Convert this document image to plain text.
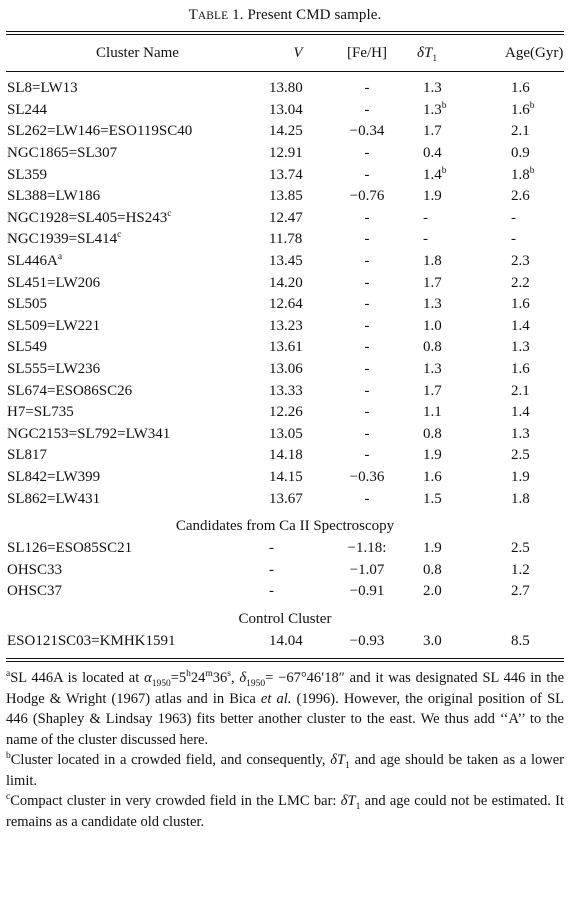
TABLE 1. Present CMD sample.
Cluster Name	V	[Fe/H]	$\delta T_1$	Age(Gyr)

SL8=LW13	13.80	-	1.3	1.6
SL244	13.04	-	1.3$^b$	1.6$^b$
SL262=LW146=ESO119SC40	14.25	−0.34	1.7	2.1
NGC1865=SL307	12.91	-	0.4	0.9
SL359	13.74	-	1.4$^b$	1.8$^b$
SL388=LW186	13.85	−0.76	1.9	2.6
$NGC1928=SL405=HS243^c$	12.47	-	-	-
$NGC1939=SL414^c$	11.78	-	-	-
$SL446A^a$	13.45	-	1.8	2.3
SL451=LW206	14.20	-	1.7	2.2
SL505	12.64	-	1.3	1.6
SL509=LW221	13.23	-	1.0	1.4
SL549	13.61	-	0.8	1.3
SL555=LW236	13.06	-	1.3	1.6
SL674=ESO86SC26	13.33	-	1.7	2.1
H7=SL735	12.26	-	1.1	1.4
NGC2153=SL792=LW341	13.05	-	0.8	1.3
SL817	14.18	-	1.9	2.5
SL842=LW399	14.15	−0.36	1.6	1.9
SL862=LW431	13.67	-	1.5	1.8
Candidates from Ca II Spectroscopy				
SL126=ESO85SC21	-	−1.18:	1.9	2.5
OHSC33	-	−1.07	0.8	1.2
OHSC37	-	−0.91	2.0	2.7
Control Cluster				
ESO121SC03=KMHK1591	14.04	−0.93	3.0	8.5

$^a$SL 446A is located at $\alpha_{1950}=5^h24^m36^s$, $\delta_{1950}= -67^\circ 46'18''$ and it was designated SL 446 in the Hodge & Wright (1967) atlas and in Bica et al. (1996). However, the original position of SL 446 (Shapley & Lindsay 1963) fits better another cluster to the east. We thus add ‘‘A’’ to the name of the cluster discussed here.

$^b$Cluster located in a crowded field, and consequently, $\delta T_1$ and age should be taken as a lower limit.

$^c$Compact cluster in very crowded field in the LMC bar: $\delta T_1$ and age could not be estimated. It remains as a candidate old cluster.
